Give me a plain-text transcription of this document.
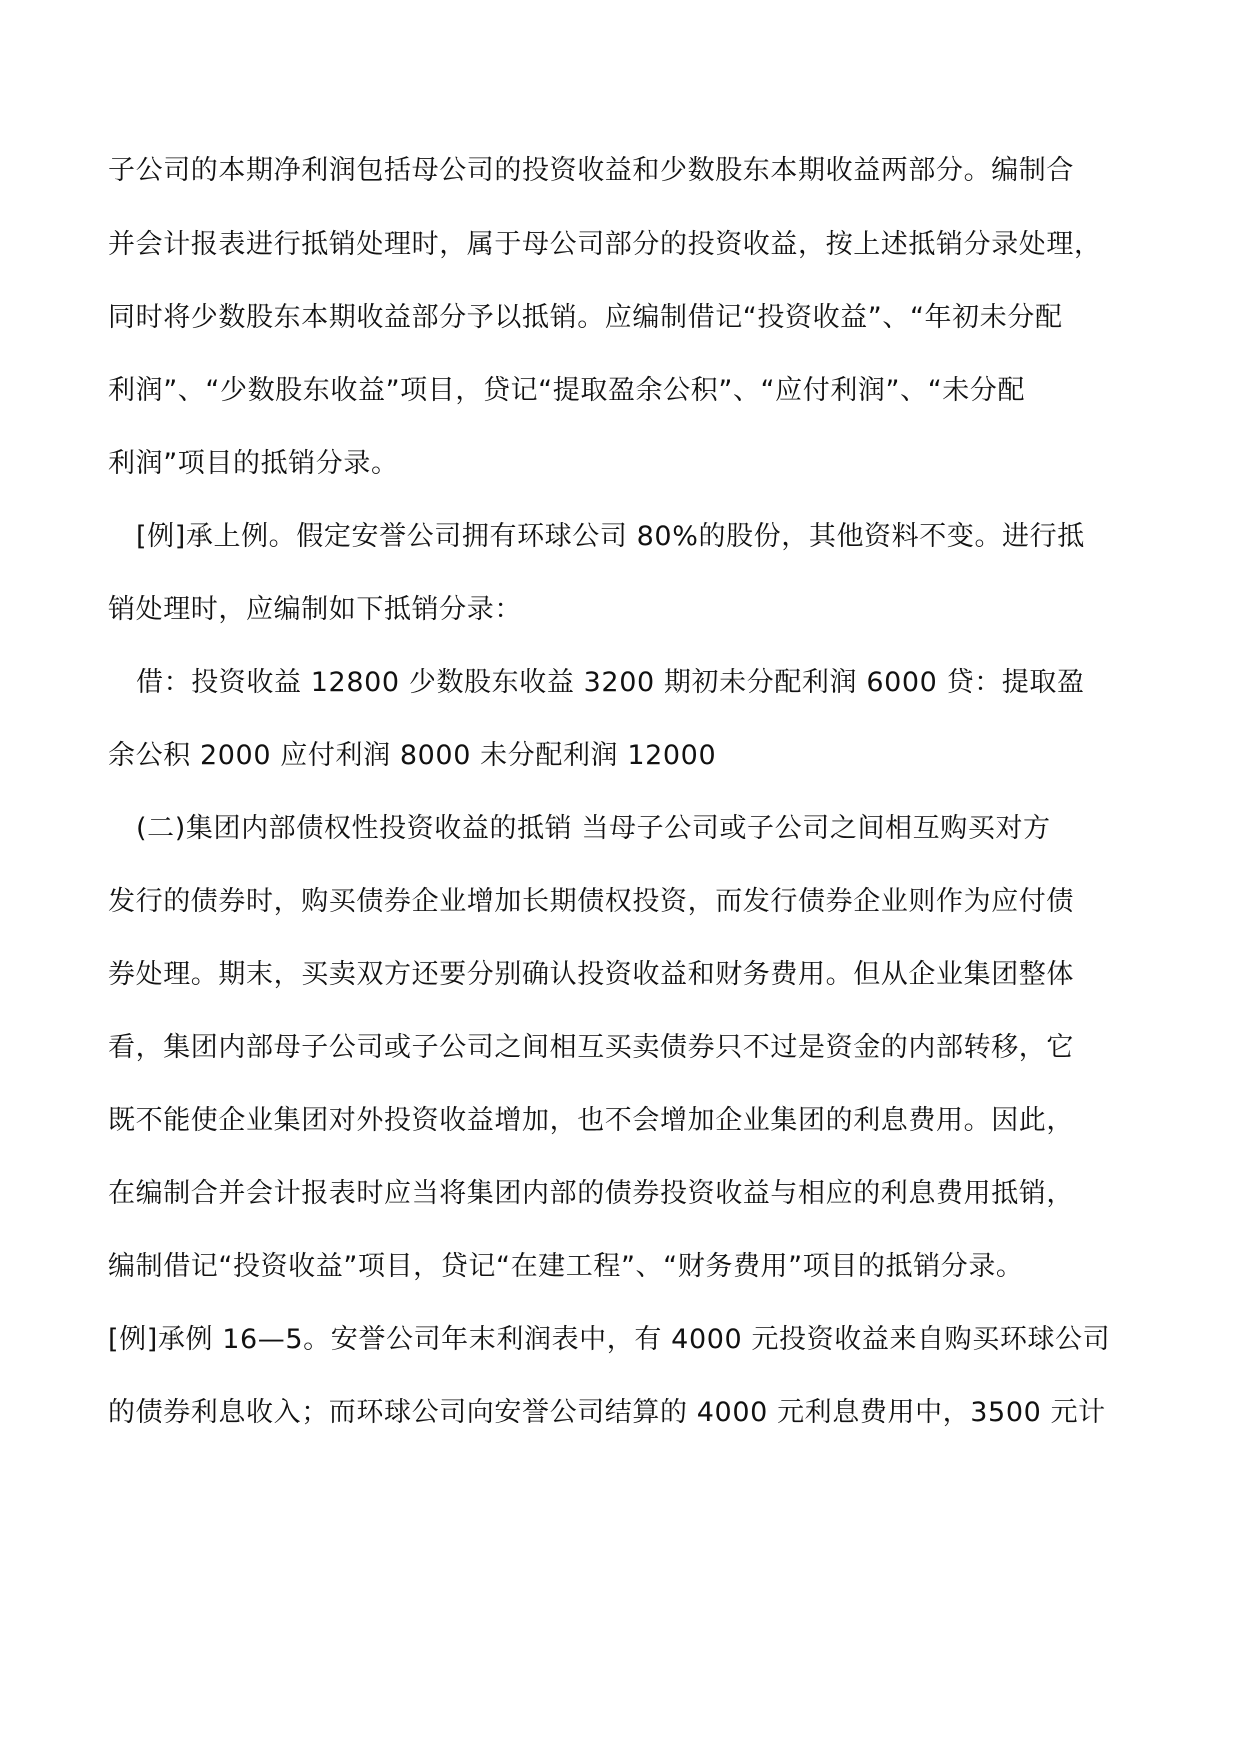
子公司的本期净利润包括母公司的投资收益和少数股东本期收益两部分。编制合
并会计报表进行抵销处理时，属于母公司部分的投资收益，按上述抵销分录处理，
同时将少数股东本期收益部分予以抵销。应编制借记“投资收益”、“年初未分配
利润”、“少数股东收益”项目，贷记“提取盈余公积”、“应付利润”、“未分配
利润”项目的抵销分录。
[例]承上例。假定安誉公司拥有环球公司 80%的股份，其他资料不变。进行抵
销处理时，应编制如下抵销分录：
借：投资收益 12800 少数股东收益 3200 期初未分配利润 6000 贷：提取盈
余公积 2000 应付利润 8000 未分配利润 12000
(二)集团内部债权性投资收益的抵销 当母子公司或子公司之间相互购买对方
发行的债券时，购买债券企业增加长期债权投资，而发行债券企业则作为应付债
券处理。期末，买卖双方还要分别确认投资收益和财务费用。但从企业集团整体
看，集团内部母子公司或子公司之间相互买卖债券只不过是资金的内部转移，它
既不能使企业集团对外投资收益增加，也不会增加企业集团的利息费用。因此，
在编制合并会计报表时应当将集团内部的债券投资收益与相应的利息费用抵销，
编制借记“投资收益”项目，贷记“在建工程”、“财务费用”项目的抵销分录。
[例]承例 16—5。安誉公司年末利润表中，有 4000 元投资收益来自购买环球公司
的债券利息收入；而环球公司向安誉公司结算的 4000 元利息费用中，3500 元计
